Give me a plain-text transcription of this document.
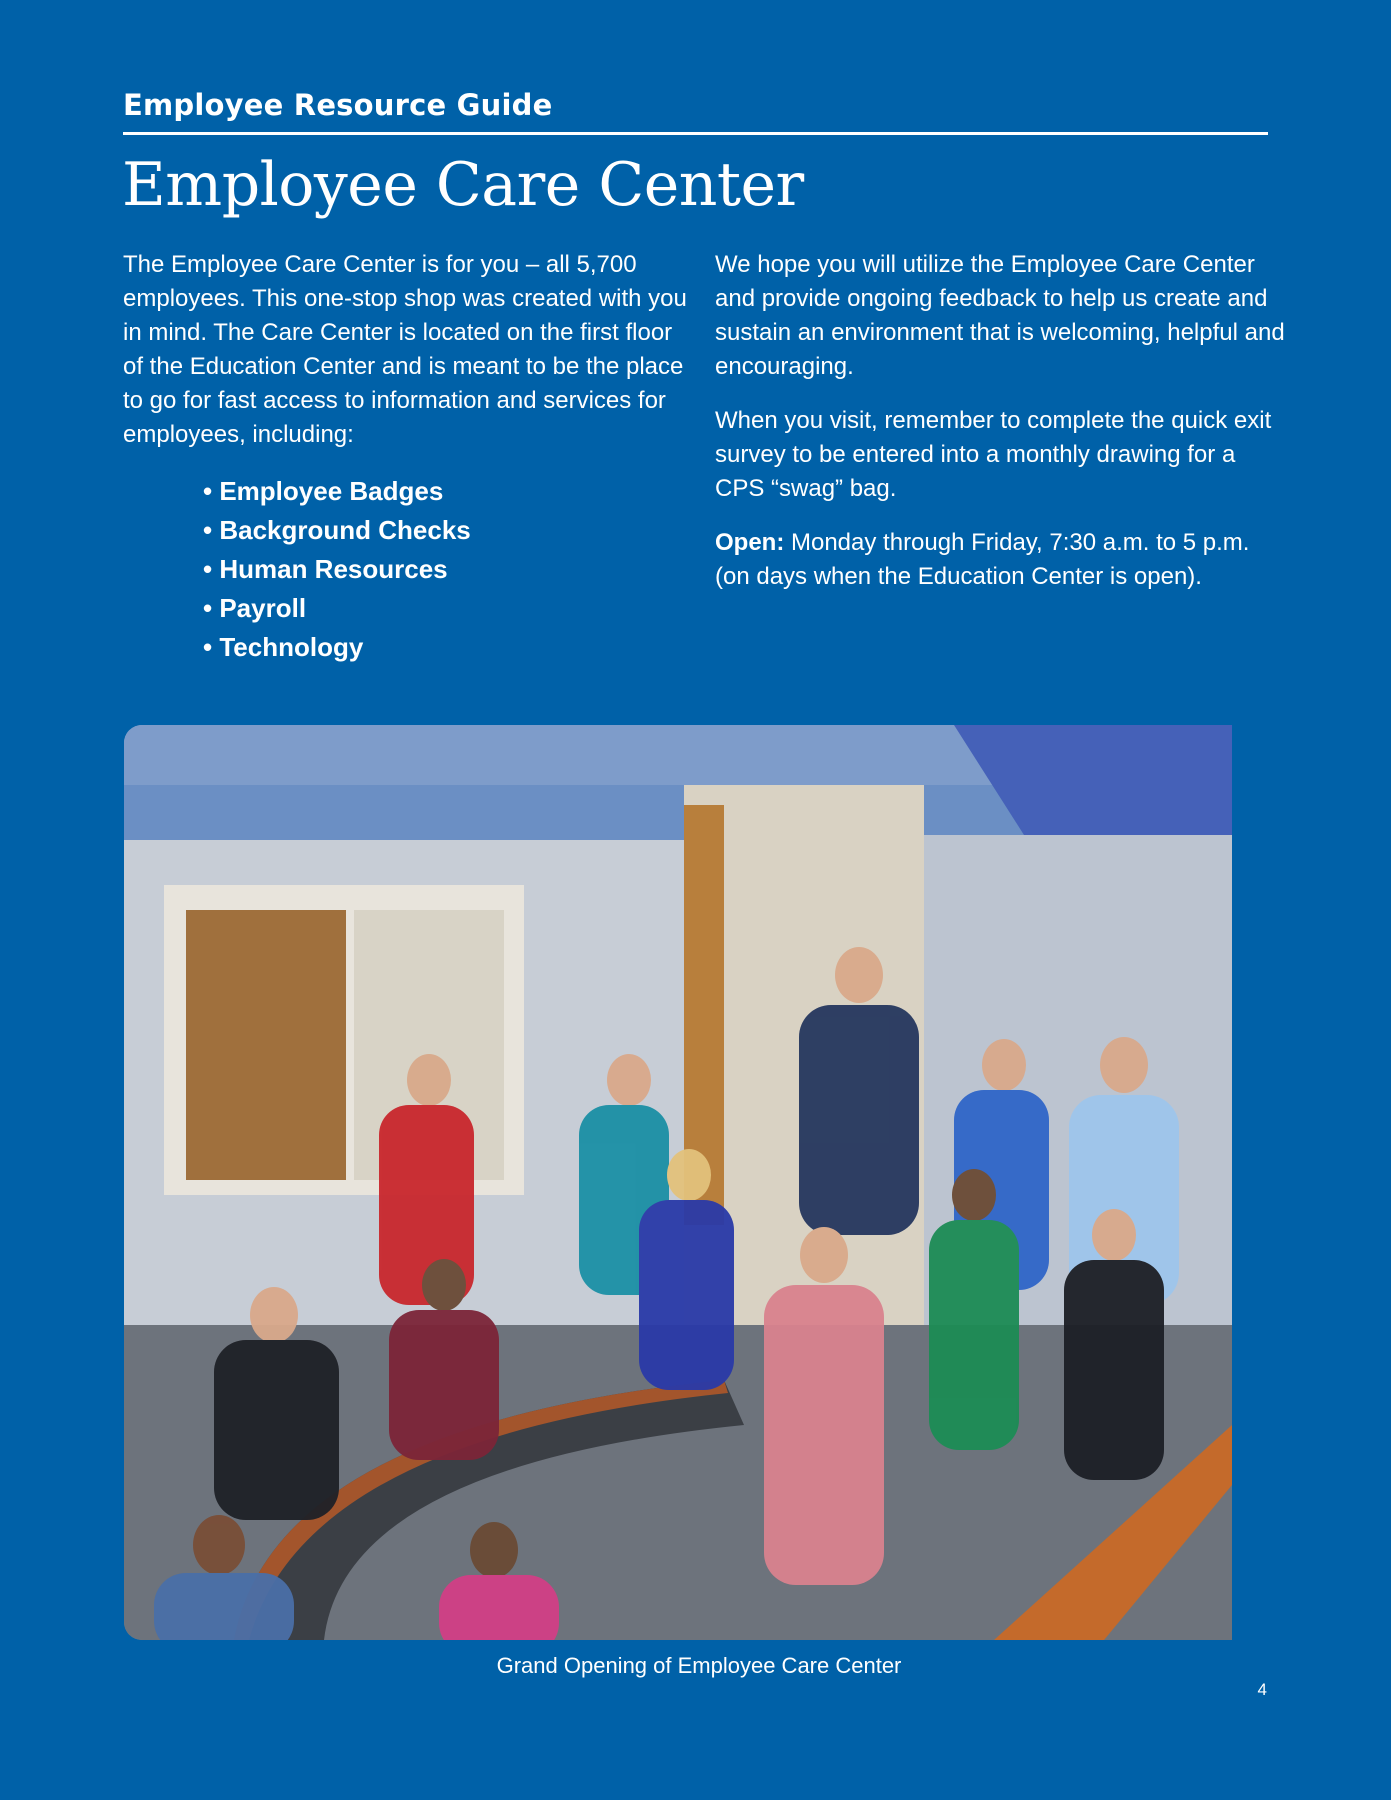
Employee Resource Guide
Employee Care Center

The Employee Care Center is for you – all 5,700 employees. This one-stop shop was created with you in mind. The Care Center is located on the first floor of the Education Center and is meant to be the place to go for fast access to information and services for employees, including:

• Employee Badges
• Background Checks
• Human Resources
• Payroll
• Technology

We hope you will utilize the Employee Care Center and provide ongoing feedback to help us create and sustain an environment that is welcoming, helpful and encouraging.

When you visit, remember to complete the quick exit survey to be entered into a monthly drawing for a CPS “swag” bag.

Open: Monday through Friday, 7:30 a.m. to 5 p.m. (on days when the Education Center is open).

Grand Opening of Employee Care Center
4
